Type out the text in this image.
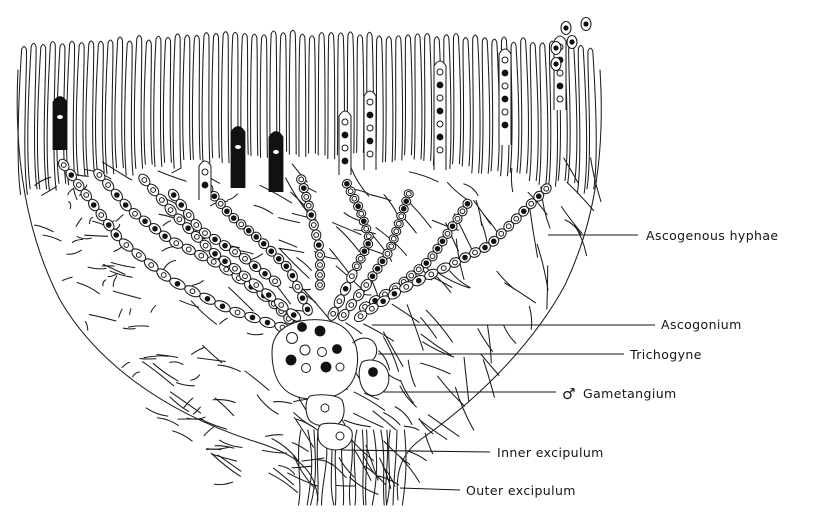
Ascogenous hyphae
Ascogonium
Trichogyne
♂ Gametangium
Inner excipulum
Outer excipulum
